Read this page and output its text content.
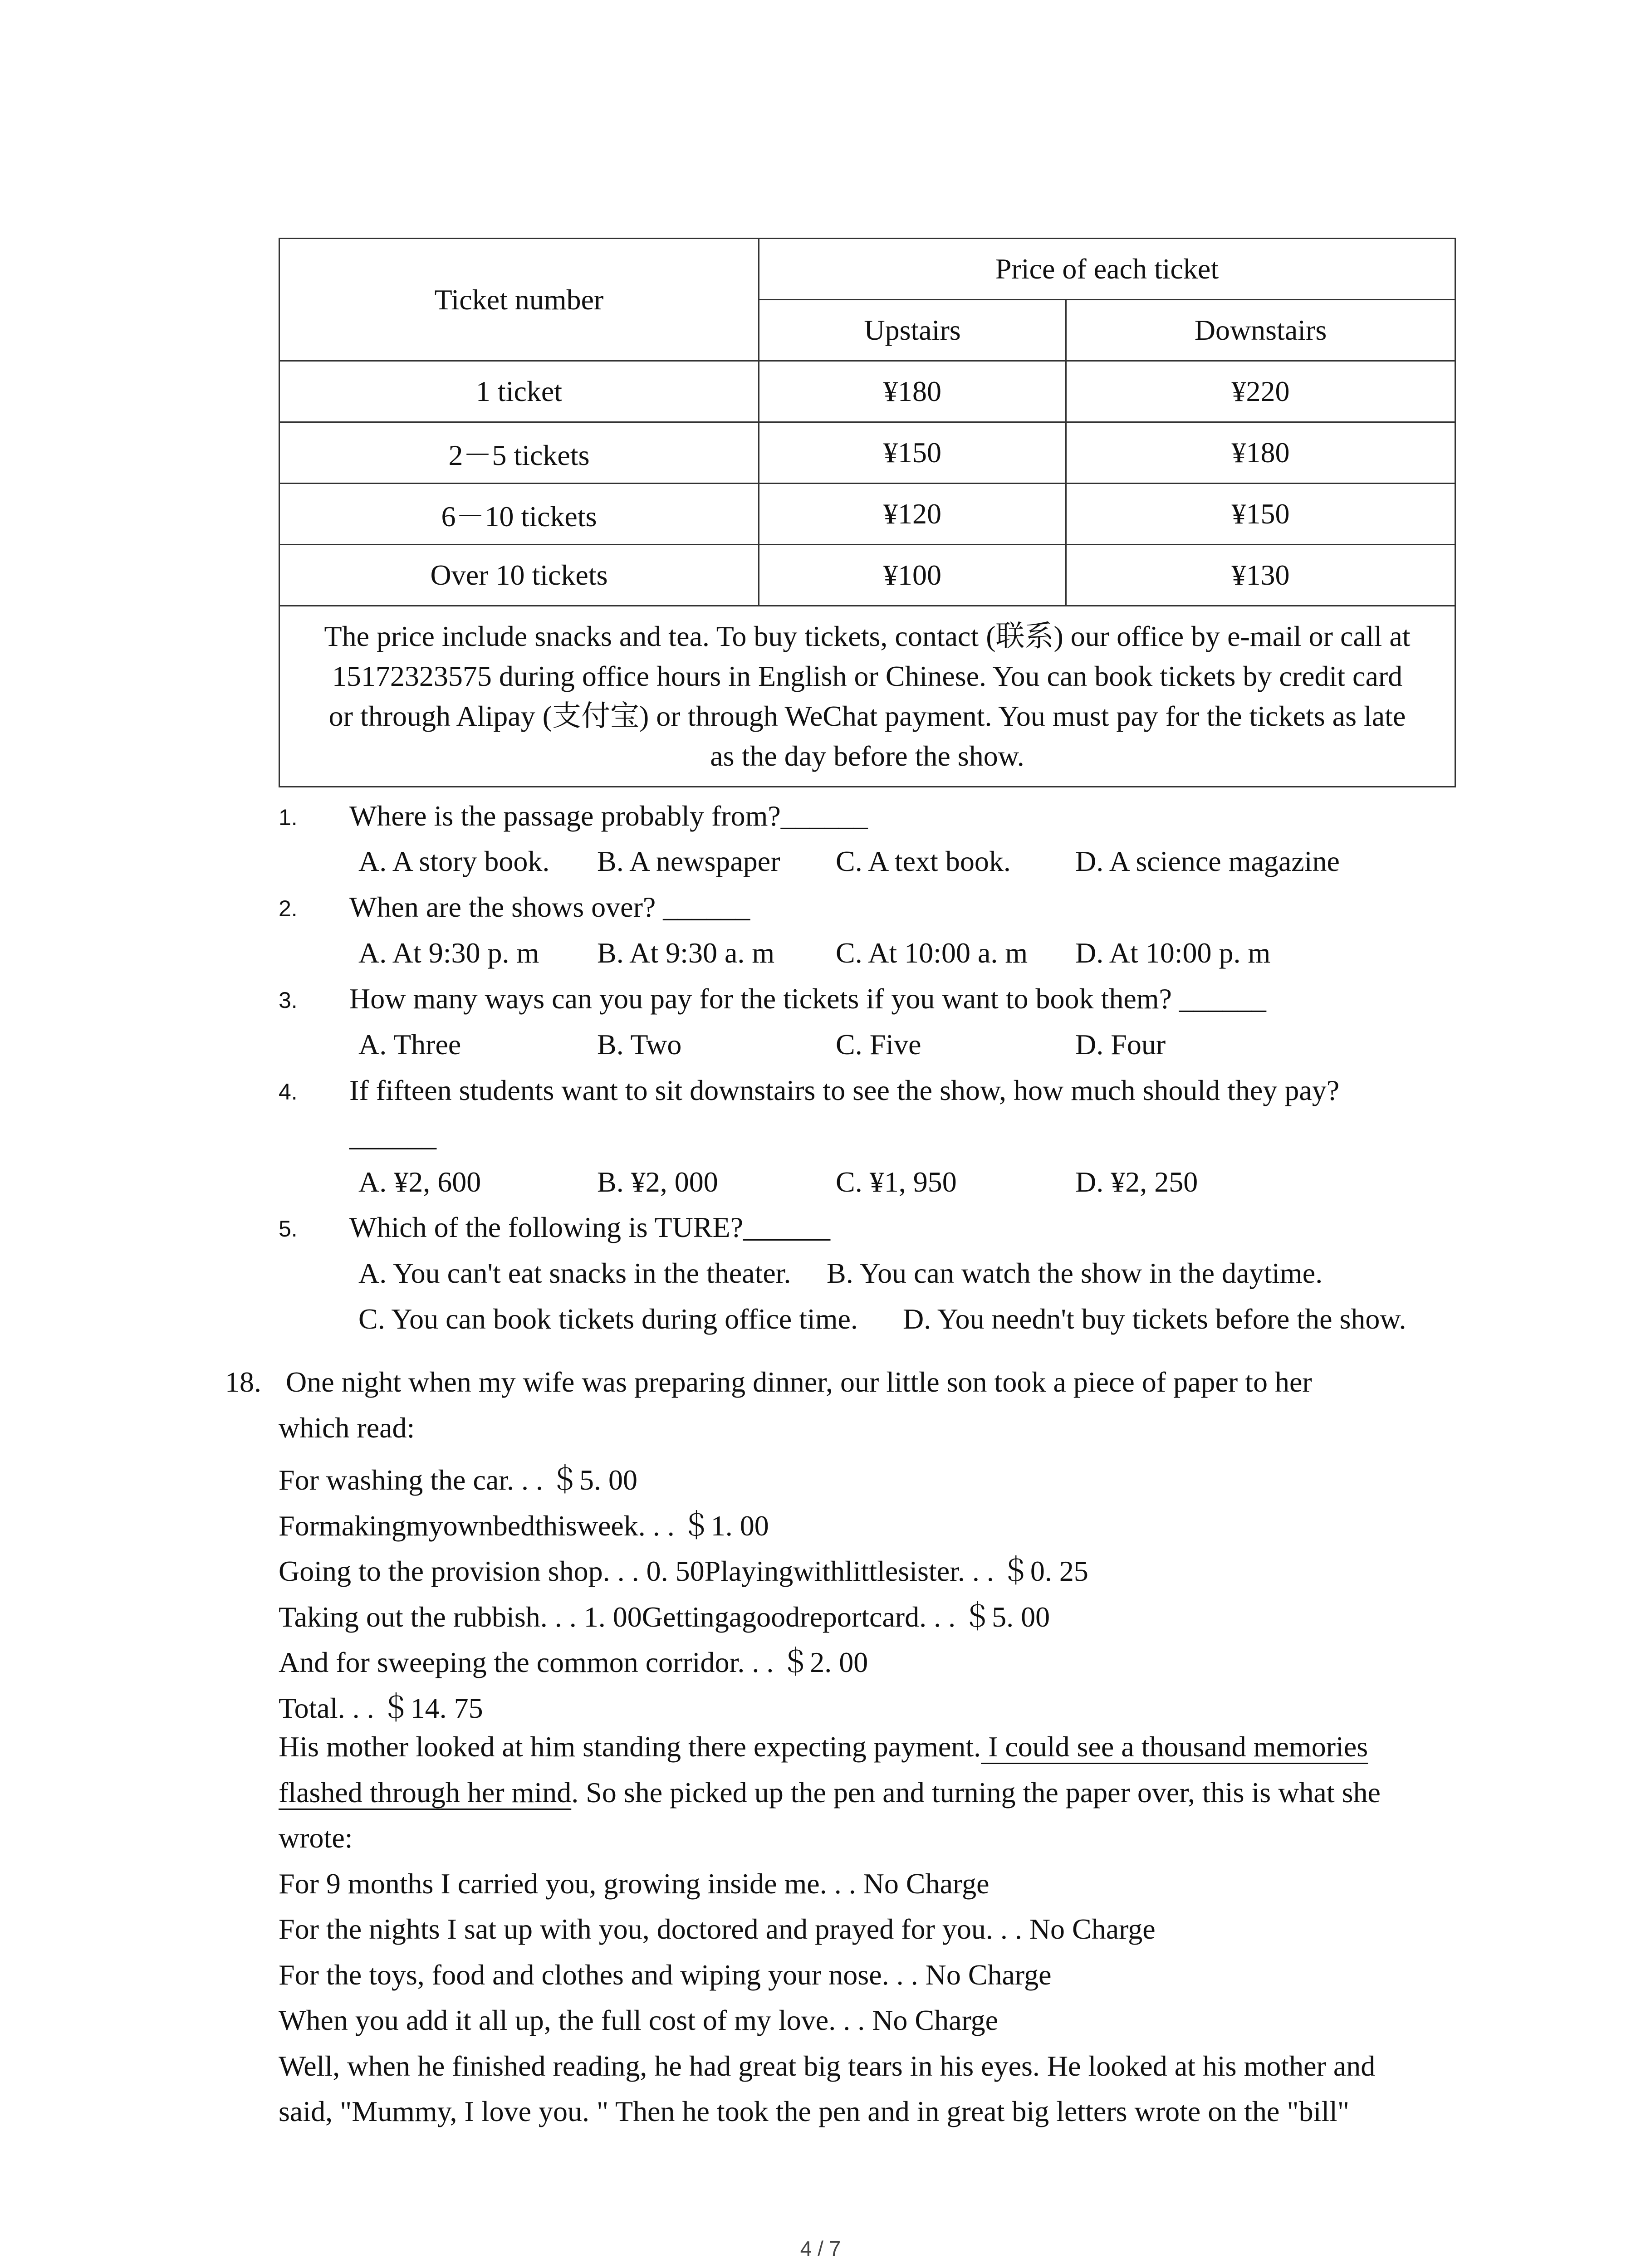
Ticket number	Price of each ticket	
	Upstairs	Downstairs
1 ticket	¥180	¥220
2－5 tickets	¥150	¥180
6－10 tickets	¥120	¥150
Over 10 tickets	¥100	¥130
The price include snacks and tea. To buy tickets, contact (联系) our office by e-mail or call at
15172323575 during office hours in English or Chinese. You can book tickets by credit card
or through Alipay (支付宝) or through WeChat payment. You must pay for the tickets as late
as the day before the show.		
1. Where is the passage probably from?______
A. A story book. B. A newspaper C. A text book. D. A science magazine
2. When are the shows over? ______
A. At 9:30 p. m B. At 9:30 a. m C. At 10:00 a. m D. At 10:00 p. m
3. How many ways can you pay for the tickets if you want to book them? ______
A. Three	B. Two	C. Five	D. Four
4. If fifteen students want to sit downstairs to see the show, how much should they pay?
______
A. ¥2, 600	B. ¥2, 000	C. ¥1, 950	D. ¥2, 250
5. Which of the following is TURE?______
A. You can't eat snacks in the theater. B. You can watch the show in the daytime.
C. You can book tickets during office time. D. You needn't buy tickets before the show.
18. One night when my wife was preparing dinner, our little son took a piece of paper to her
which read:
For washing the car. . . ＄5. 00
Formakingmyownbedthisweek. . . ＄1. 00
Going to the provision shop. . . 0. 50Playingwithlittlesister. . . ＄0. 25
Taking out the rubbish. . . 1. 00Gettingagoodreportcard. . . ＄5. 00
And for sweeping the common corridor. . . ＄2. 00
Total. . . ＄14. 75
His mother looked at him standing there expecting payment. I could see a thousand memories
flashed through her mind. So she picked up the pen and turning the paper over, this is what she
wrote:
For 9 months I carried you, growing inside me. . . No Charge
For the nights I sat up with you, doctored and prayed for you. . . No Charge
For the toys, food and clothes and wiping your nose. . . No Charge
When you add it all up, the full cost of my love. . . No Charge
Well, when he finished reading, he had great big tears in his eyes. He looked at his mother and
said, "Mummy, I love you. " Then he took the pen and in great big letters wrote on the "bill"
4 / 7
